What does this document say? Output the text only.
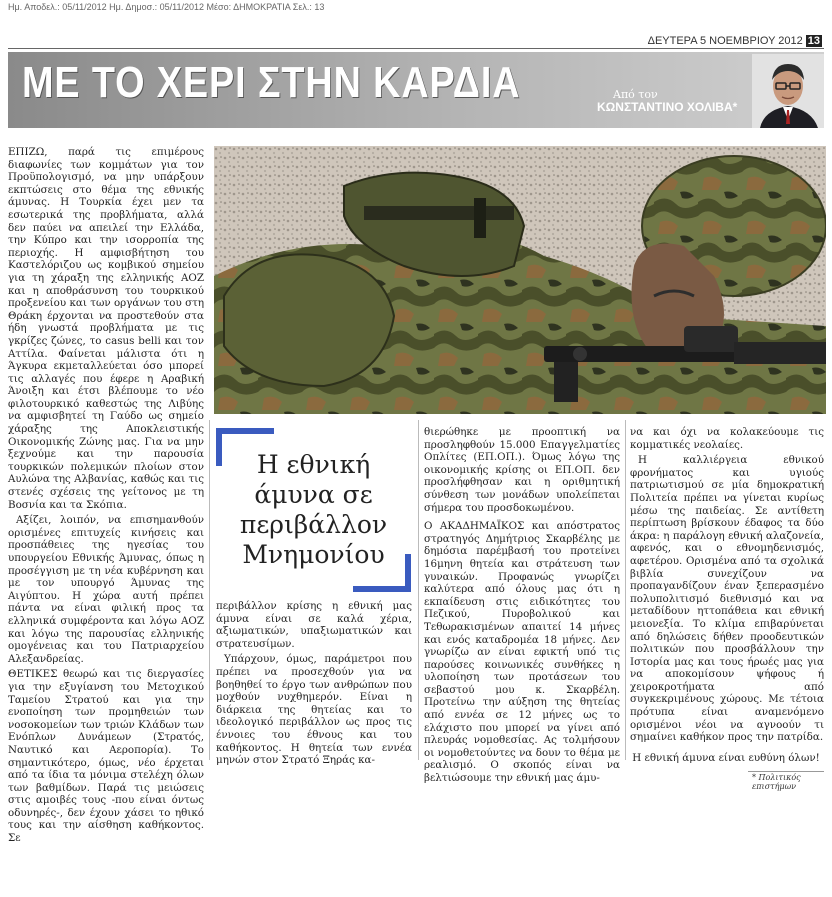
Ημ. Αποδελ.: 05/11/2012 Ημ. Δημοσ.: 05/11/2012 Μέσο: ΔΗΜΟΚΡΑΤΙΑ Σελ.: 13
ΔΕΥΤΕΡΑ 5 ΝΟΕΜΒΡΙΟΥ 2012 13
ΜΕ ΤΟ ΧΕΡΙ ΣΤΗΝ ΚΑΡΔΙΑ	Από τον
ΚΩΝΣΤΑΝΤΙΝΟ ΧΟΛΙΒΑ*
Η εθνική άμυνα σε περιβάλλον Μνημονίου

ΕΠΙΖΩ, παρά τις επιμέρους διαφωνίες των κομμάτων για τον Προϋπολογισμό, να μην υπάρξουν εκπτώσεις στο θέμα της εθνικής άμυνας. Η Τουρκία έχει μεν τα εσωτερικά της προβλήματα, αλλά δεν παύει να απειλεί την Ελλάδα, την Κύπρο και την ισορροπία της περιοχής. Η αμφισβήτηση του Καστελόριζου ως κομβικού σημείου για τη χάραξη της ελληνικής ΑΟΖ και η αποθράσυνση του τουρκικού προξενείου και των οργάνων του στη Θράκη έρχονται να προστεθούν στα ήδη γνωστά προβλήματα με τις γκρίζες ζώνες, το casus belli και τον Αττίλα. Φαίνεται μάλιστα ότι η Άγκυρα εκμεταλλεύεται όσο μπορεί τις αλλαγές που έφερε η Αραβική Άνοιξη και έτσι βλέπουμε το νέο φιλοτουρκικό καθεστώς της Λιβύης να αμφισβητεί τη Γαύδο ως σημείο χάραξης της Αποκλειστικής Οικονομικής Ζώνης μας. Για να μην ξεχνούμε και την παρουσία τουρκικών πολεμικών πλοίων στον Αυλώνα της Αλβανίας, καθώς και τις στενές σχέσεις της γείτονος με τη Βοσνία και τα Σκόπια.

Αξίζει, λοιπόν, να επισημανθούν ορισμένες επιτυχείς κινήσεις και προσπάθειες της ηγεσίας του υπουργείου Εθνικής Άμυνας, όπως η προσέγγιση με τη νέα κυβέρνηση και με τον υπουργό Άμυνας της Αιγύπτου. Η χώρα αυτή πρέπει πάντα να είναι φιλική προς τα ελληνικά συμφέροντα και λόγω ΑΟΖ και λόγω της παρουσίας ελληνικής ομογένειας και του Πατριαρχείου Αλεξανδρείας.

ΘΕΤΙΚΕΣ θεωρώ και τις διεργασίες για την εξυγίανση του Μετοχικού Ταμείου Στρατού και για την ενοποίηση των προμηθειών των νοσοκομείων των τριών Κλάδων των Ενόπλων Δυνάμεων (Στρατός, Ναυτικό και Αεροπορία). Το σημαντικότερο, όμως, νέο έρχεται από τα ίδια τα μόνιμα στελέχη όλων των βαθμίδων. Παρά τις μειώσεις στις αμοιβές τους -που είναι όντως οδυνηρές-, δεν έχουν χάσει το ηθικό τους και την αίσθηση καθήκοντος. Σε

περιβάλλον κρίσης η εθνική μας άμυνα είναι σε καλά χέρια, αξιωματικών, υπαξιωματικών και στρατευσίμων.

Υπάρχουν, όμως, παράμετροι που πρέπει να προσεχθούν για να βοηθηθεί το έργο των ανθρώπων που μοχθούν νυχθημερόν. Είναι η διάρκεια της θητείας και το ιδεολογικό περιβάλλον ως προς τις έννοιες του έθνους και του καθήκοντος. Η θητεία των εννέα μηνών στον Στρατό Ξηράς κα-

θιερώθηκε με προοπτική να προσληφθούν 15.000 Επαγγελματίες Οπλίτες (ΕΠ.ΟΠ.). Όμως λόγω της οικονομικής κρίσης οι ΕΠ.ΟΠ. δεν προσλήφθησαν και η οριθμητική σύνθεση των μονάδων υπολείπεται σήμερα του προσδοκωμένου.

Ο ΑΚΑΔΗΜΑΪΚΟΣ και απόστρατος στρατηγός Δημήτριος Σκαρβέλης με δημόσια παρέμβασή του προτείνει 16μηνη θητεία και στράτευση των γυναικών. Προφανώς γνωρίζει καλύτερα από όλους μας ότι η εκπαίδευση στις ειδικότητες του Πεζικού, Πυροβολικού και Τεθωρακισμένων απαιτεί 14 μήνες και ενός καταδρομέα 18 μήνες. Δεν γνωρίζω αν είναι εφικτή υπό τις παρούσες κοινωνικές συνθήκες η υλοποίηση των προτάσεων του σεβαστού μου κ. Σκαρβέλη. Προτείνω την αύξηση της θητείας από εννέα σε 12 μήνες ως το ελάχιστο που μπορεί να γίνει από πλευράς νομοθεσίας. Ας τολμήσουν οι νομοθετούντες να δουν το θέμα με ρεαλισμό. Ο σκοπός είναι να βελτιώσουμε την εθνική μας άμυ-

να και όχι να κολακεύουμε τις κομματικές νεολαίες.

Η καλλιέργεια εθνικού φρονήματος και υγιούς πατριωτισμού σε μία δημοκρατική Πολιτεία πρέπει να γίνεται κυρίως μέσω της παιδείας. Σε αντίθετη περίπτωση βρίσκουν έδαφος τα δύο άκρα: η παράλογη εθνική αλαζονεία, αφενός, και ο εθνομηδενισμός, αφετέρου. Ορισμένα από τα σχολικά βιβλία συνεχίζουν να προπαγανδίζουν έναν ξεπερασμένο πολυπολιτισμό διεθνισμό και να μεταδίδουν ηττοπάθεια και εθνική μειονεξία. Το κλίμα επιβαρύνεται από δηλώσεις δήθεν προοδευτικών πολιτικών που προσβάλλουν την Ιστορία μας και τους ήρωές μας για να αποκομίσουν ψήφους ή χειροκροτήματα από συγκεκριμένους χώρους. Με τέτοια πρότυπα είναι αναμενόμενο ορισμένοι νέοι να αγνοούν τι σημαίνει καθήκον προς την πατρίδα.

Η εθνική άμυνα είναι ευθύνη όλων!
* Πολιτικός επιστήμων
